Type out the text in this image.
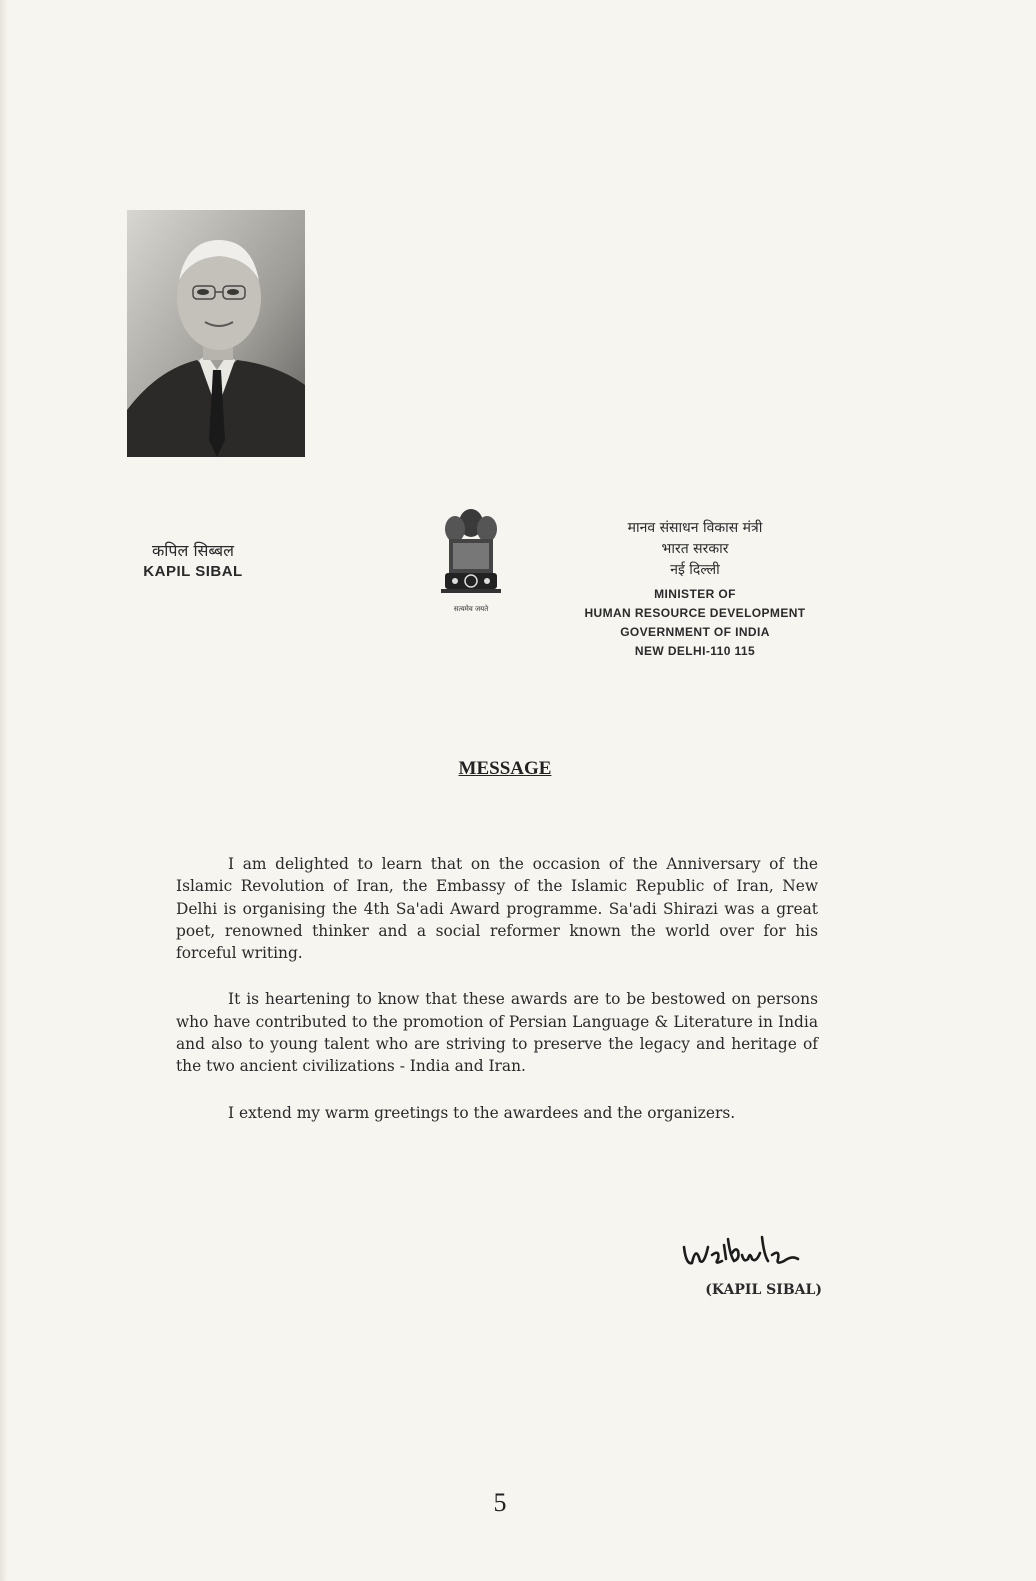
कपिल सिब्बल
KAPIL SIBAL
सत्यमेव जयते
मानव संसाधन विकास मंत्री
भारत सरकार
नई दिल्ली
MINISTER OF
HUMAN RESOURCE DEVELOPMENT
GOVERNMENT OF INDIA
NEW DELHI-110 115
MESSAGE

I am delighted to learn that on the occasion of the Anniversary of the Islamic Revolution of Iran, the Embassy of the Islamic Republic of Iran, New Delhi is organising the 4th Sa'adi Award programme. Sa'adi Shirazi was a great poet, renowned thinker and a social reformer known the world over for his forceful writing.

It is heartening to know that these awards are to be bestowed on persons who have contributed to the promotion of Persian Language & Literature in India and also to young talent who are striving to preserve the legacy and heritage of the two ancient civilizations - India and Iran.

I extend my warm greetings to the awardees and the organizers.

(KAPIL SIBAL)
5
